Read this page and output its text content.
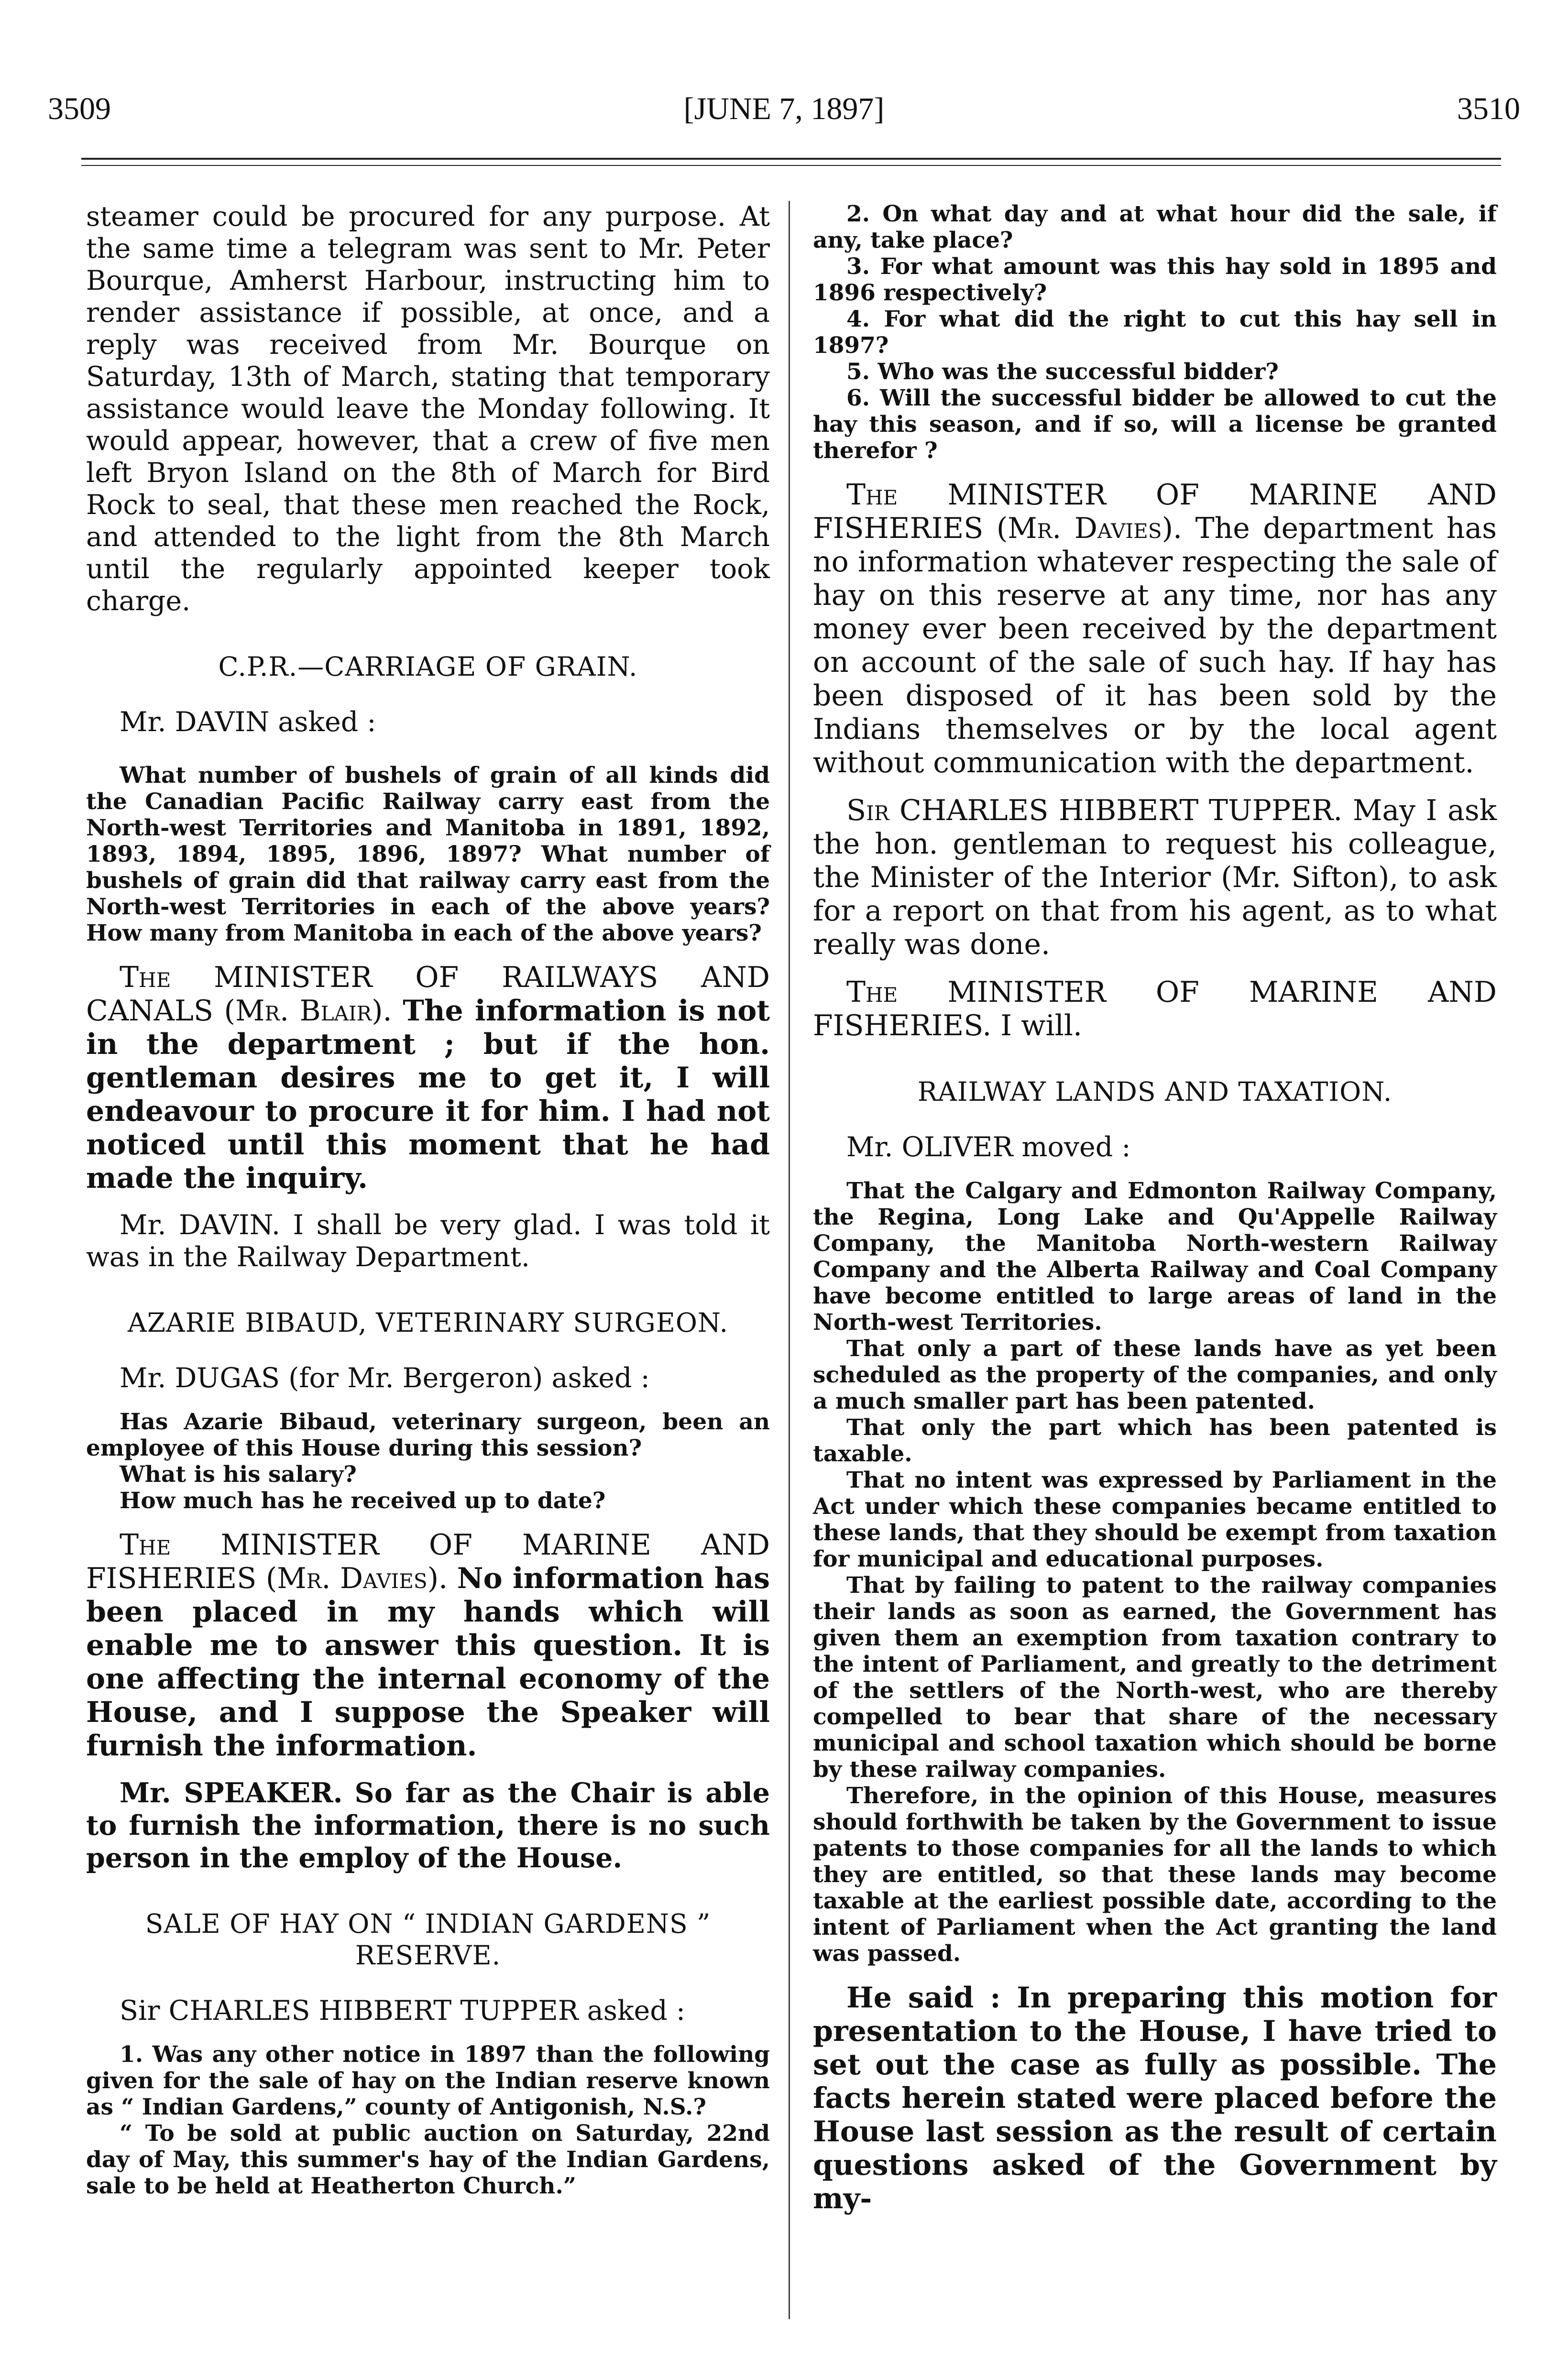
3509	[JUNE 7, 1897]	3510

steamer could be procured for any purpose. At the same time a telegram was sent to Mr. Peter Bourque, Amherst Harbour, instructing him to render assistance if possible, at once, and a reply was received from Mr. Bourque on Saturday, 13th of March, stating that temporary assistance would leave the Monday following. It would appear, however, that a crew of five men left Bryon Island on the 8th of March for Bird Rock to seal, that these men reached the Rock, and attended to the light from the 8th March until the regularly appointed keeper took charge.

C.P.R.—CARRIAGE OF GRAIN.

Mr. DAVIN asked :

What number of bushels of grain of all kinds did the Canadian Pacific Railway carry east from the North-west Territories and Manitoba in 1891, 1892, 1893, 1894, 1895, 1896, 1897? What number of bushels of grain did that railway carry east from the North-west Territories in each of the above years? How many from Manitoba in each of the above years?

The MINISTER OF RAILWAYS AND CANALS (Mr. Blair). The information is not in the department ; but if the hon. gentleman desires me to get it, I will endeavour to procure it for him. I had not noticed until this moment that he had made the inquiry.

Mr. DAVIN. I shall be very glad. I was told it was in the Railway Department.

AZARIE BIBAUD, VETERINARY SURGEON.

Mr. DUGAS (for Mr. Bergeron) asked :

Has Azarie Bibaud, veterinary surgeon, been an employee of this House during this session?

What is his salary?

How much has he received up to date?

The MINISTER OF MARINE AND FISHERIES (Mr. Davies). No information has been placed in my hands which will enable me to answer this question. It is one affecting the internal economy of the House, and I suppose the Speaker will furnish the information.

Mr. SPEAKER. So far as the Chair is able to furnish the information, there is no such person in the employ of the House.

SALE OF HAY ON “ INDIAN GARDENS ” RESERVE.

Sir CHARLES HIBBERT TUPPER asked :

1. Was any other notice in 1897 than the following given for the sale of hay on the Indian reserve known as “ Indian Gardens,” county of Antigonish, N.S.?

“ To be sold at public auction on Saturday, 22nd day of May, this summer's hay of the Indian Gardens, sale to be held at Heatherton Church.”

2. On what day and at what hour did the sale, if any, take place?

3. For what amount was this hay sold in 1895 and 1896 respectively?

4. For what did the right to cut this hay sell in 1897?

5. Who was the successful bidder?

6. Will the successful bidder be allowed to cut the hay this season, and if so, will a license be granted therefor ?

The MINISTER OF MARINE AND FISHERIES (Mr. Davies). The department has no information whatever respecting the sale of hay on this reserve at any time, nor has any money ever been received by the department on account of the sale of such hay. If hay has been disposed of it has been sold by the Indians themselves or by the local agent without communication with the department.

Sir CHARLES HIBBERT TUPPER. May I ask the hon. gentleman to request his colleague, the Minister of the Interior (Mr. Sifton), to ask for a report on that from his agent, as to what really was done.

The MINISTER OF MARINE AND FISHERIES. I will.

RAILWAY LANDS AND TAXATION.

Mr. OLIVER moved :

That the Calgary and Edmonton Railway Company, the Regina, Long Lake and Qu'Appelle Railway Company, the Manitoba North-western Railway Company and the Alberta Railway and Coal Company have become entitled to large areas of land in the North-west Territories.

That only a part of these lands have as yet been scheduled as the property of the companies, and only a much smaller part has been patented.

That only the part which has been patented is taxable.

That no intent was expressed by Parliament in the Act under which these companies became entitled to these lands, that they should be exempt from taxation for municipal and educational purposes.

That by failing to patent to the railway companies their lands as soon as earned, the Government has given them an exemption from taxation contrary to the intent of Parliament, and greatly to the detriment of the settlers of the North-west, who are thereby compelled to bear that share of the necessary municipal and school taxation which should be borne by these railway companies.

Therefore, in the opinion of this House, measures should forthwith be taken by the Government to issue patents to those companies for all the lands to which they are entitled, so that these lands may become taxable at the earliest possible date, according to the intent of Parliament when the Act granting the land was passed.

He said : In preparing this motion for presentation to the House, I have tried to set out the case as fully as possible. The facts herein stated were placed before the House last session as the result of certain questions asked of the Government by my-
